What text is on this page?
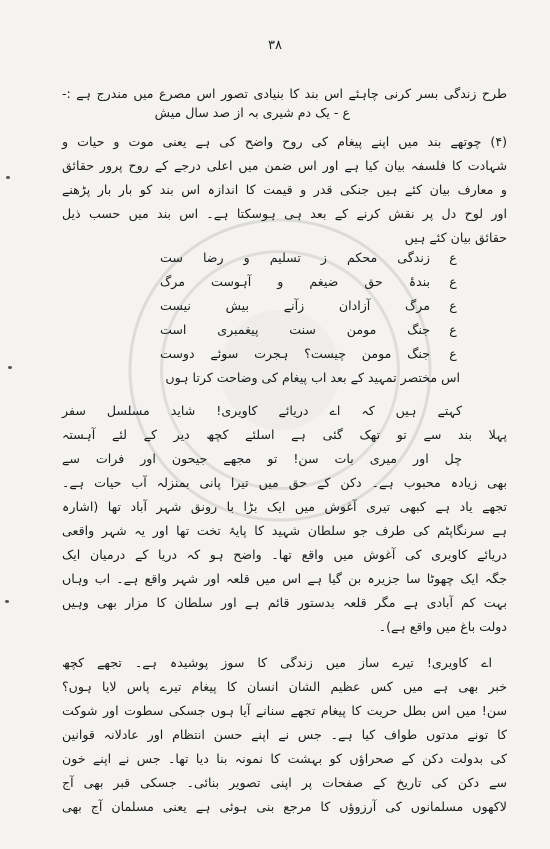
٣٨
طرح زندگی بسر کرنی چاہئے اس بند کا بنیادی تصور اس مصرع میں مندرج ہے :-
ع - یک دم شیری بہ از صد سال میش
(۴) چوتھے بند میں اپنے پیغام کی روح واضح کی ہے یعنی موت و حیات و
شہادت کا فلسفہ بیان کیا ہے اور اس ضمن میں اعلی درجے کے روح پرور حقائق
و معارف بیان کئے ہیں جنکی قدر و قیمت کا اندازہ اس بند کو بار بار پڑھنے
اور لوح دل پر نقش کرنے کے بعد ہی ہوسکتا ہے۔ اس بند میں حسب ذیل
حقائق بیان کئے ہیں
ع
زندگی محکم ز تسلیم و رضا ست
ع
بندۂ حق ضیغم و آہوست مرگ
ع
مرگ آزادان زآنے بیش نیست
ع
جنگ مومن سنت پیغمبری است
ع
جنگ مومن چیست؟ ہجرت سوئے دوست
اس مختصر تمہید کے بعد اب پیغام کی وضاحت کرتا ہوں
کہتے ہیں کہ اے دریائے کاویری! شاید مسلسل سفر
پہلا بند سے تو تھک گئی ہے اسلئے کچھ دیر کے لئے آہستہ
چل اور میری بات سن! تو مجھے جیحون اور فرات سے
بھی زیادہ محبوب ہے۔ دکن کے حق میں تیرا پانی بمنزلہ آب حیات ہے۔
تجھے یاد ہے کبھی تیری آغوش میں ایک بڑا با رونق شہر آباد تھا (اشارہ
ہے سرنگاپٹم کی طرف جو سلطان شہید کا پایۂ تخت تھا اور یہ شہر واقعی
دریائے کاویری کی آغوش میں واقع تھا۔ واضح ہو کہ دریا کے درمیان ایک
جگہ ایک چھوٹا سا جزیرہ بن گیا ہے اس میں قلعہ اور شہر واقع ہے۔ اب وہاں
بہت کم آبادی ہے مگر قلعہ بدستور قائم ہے اور سلطان کا مزار بھی وہیں
دولت باغ میں واقع ہے)۔
اے کاویری! تیرے ساز میں زندگی کا سوز پوشیدہ ہے۔ تجھے کچھ
خبر بھی ہے میں کس عظیم الشان انسان کا پیغام تیرے پاس لایا ہوں؟
سن! میں اس بطل حریت کا پیغام تجھے سنانے آیا ہوں جسکی سطوت اور شوکت
کا تونے مدتوں طواف کیا ہے۔ جس نے اپنے حسن انتظام اور عادلانہ قوانین
کی بدولت دکن کے صحراؤں کو بہشت کا نمونہ بنا دیا تھا۔ جس نے اپنے خون
سے دکن کی تاریخ کے صفحات پر اپنی تصویر بنائی۔ جسکی قبر بھی آج
لاکھوں مسلمانوں کی آرزوؤں کا مرجع بنی ہوئی ہے یعنی مسلمان آج بھی
